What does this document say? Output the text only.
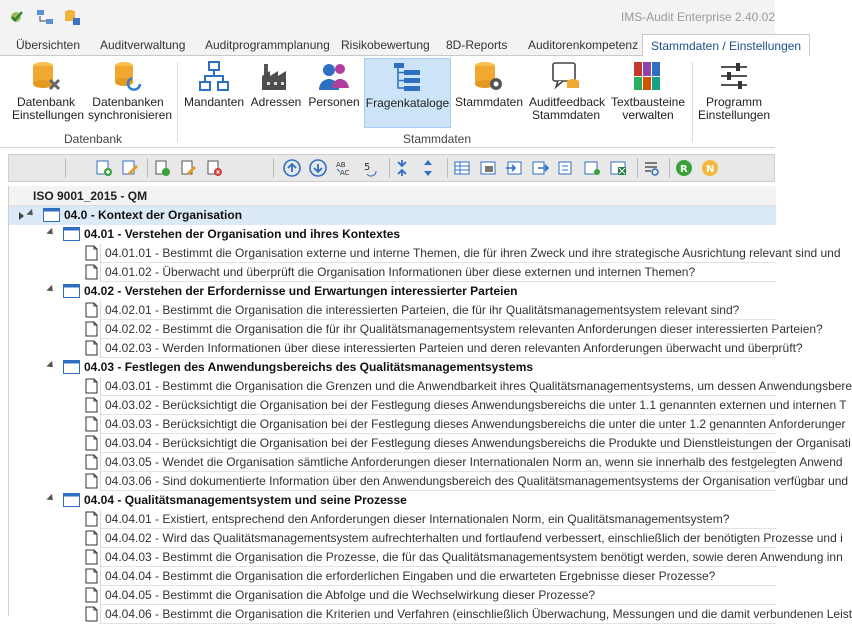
IMS-Audit Enterprise 2.40.02
Übersichten Auditverwaltung Auditprogrammplanung Risikobewertung 8D-Reports Auditorenkompetenz	Stammdaten / Einstellungen
Datenbank
Einstellungen
Datenbanken
synchronisieren
Datenbank
Mandanten Adressen Personen Fragenkataloge Stammdaten Auditfeedback
Stammdaten
Textbausteine
verwalten
Stammdaten
Programm
Einstellungen
AB
AC 5	R N
ISO 9001_2015 - QM
04.0 - Kontext der Organisation
04.01 - Verstehen der Organisation und ihres Kontextes
04.01.01 - Bestimmt die Organisation externe und interne Themen, die für ihren Zweck und ihre strategische Ausrichtung relevant sind und
04.01.02 - Überwacht und überprüft die Organisation Informationen über diese externen und internen Themen?
04.02 - Verstehen der Erfordernisse und Erwartungen interessierter Parteien
04.02.01 - Bestimmt die Organisation die interessierten Parteien, die für ihr Qualitätsmanagementsystem relevant sind?
04.02.02 - Bestimmt die Organisation die für ihr Qualitätsmanagementsystem relevanten Anforderungen dieser interessierten Parteien?
04.02.03 - Werden Informationen über diese interessierten Parteien und deren relevanten Anforderungen überwacht und überprüft?
04.03 - Festlegen des Anwendungsbereichs des Qualitätsmanagementsystems
04.03.01 - Bestimmt die Organisation die Grenzen und die Anwendbarkeit ihres Qualitätsmanagementsystems, um dessen Anwendungsbere
04.03.02 - Berücksichtigt die Organisation bei der Festlegung dieses Anwendungsbereichs die unter 1.1 genannten externen und internen T
04.03.03 - Berücksichtigt die Organisation bei der Festlegung dieses Anwendungsbereichs die unter die unter 1.2 genannten Anforderunger
04.03.04 - Berücksichtigt die Organisation bei der Festlegung dieses Anwendungsbereichs die Produkte und Dienstleistungen der Organisati
04.03.05 - Wendet die Organisation sämtliche Anforderungen dieser Internationalen Norm an, wenn sie innerhalb des festgelegten Anwend
04.03.06 - Sind dokumentierte Information über den Anwendungsbereich des Qualitätsmanagementsystems der Organisation verfügbar und
04.04 - Qualitätsmanagementsystem und seine Prozesse
04.04.01 - Existiert, entsprechend den Anforderungen dieser Internationalen Norm, ein Qualitätsmanagementsystem?
04.04.02 - Wird das Qualitätsmanagementsystem aufrechterhalten und fortlaufend verbessert, einschließlich der benötigten Prozesse und i
04.04.03 - Bestimmt die Organisation die Prozesse, die für das Qualitätsmanagementsystem benötigt werden, sowie deren Anwendung inn
04.04.04 - Bestimmt die Organisation die erforderlichen Eingaben und die erwarteten Ergebnisse dieser Prozesse?
04.04.05 - Bestimmt die Organisation die Abfolge und die Wechselwirkung dieser Prozesse?
04.04.06 - Bestimmt die Organisation die Kriterien und Verfahren (einschließlich Überwachung, Messungen und die damit verbundenen Leist
